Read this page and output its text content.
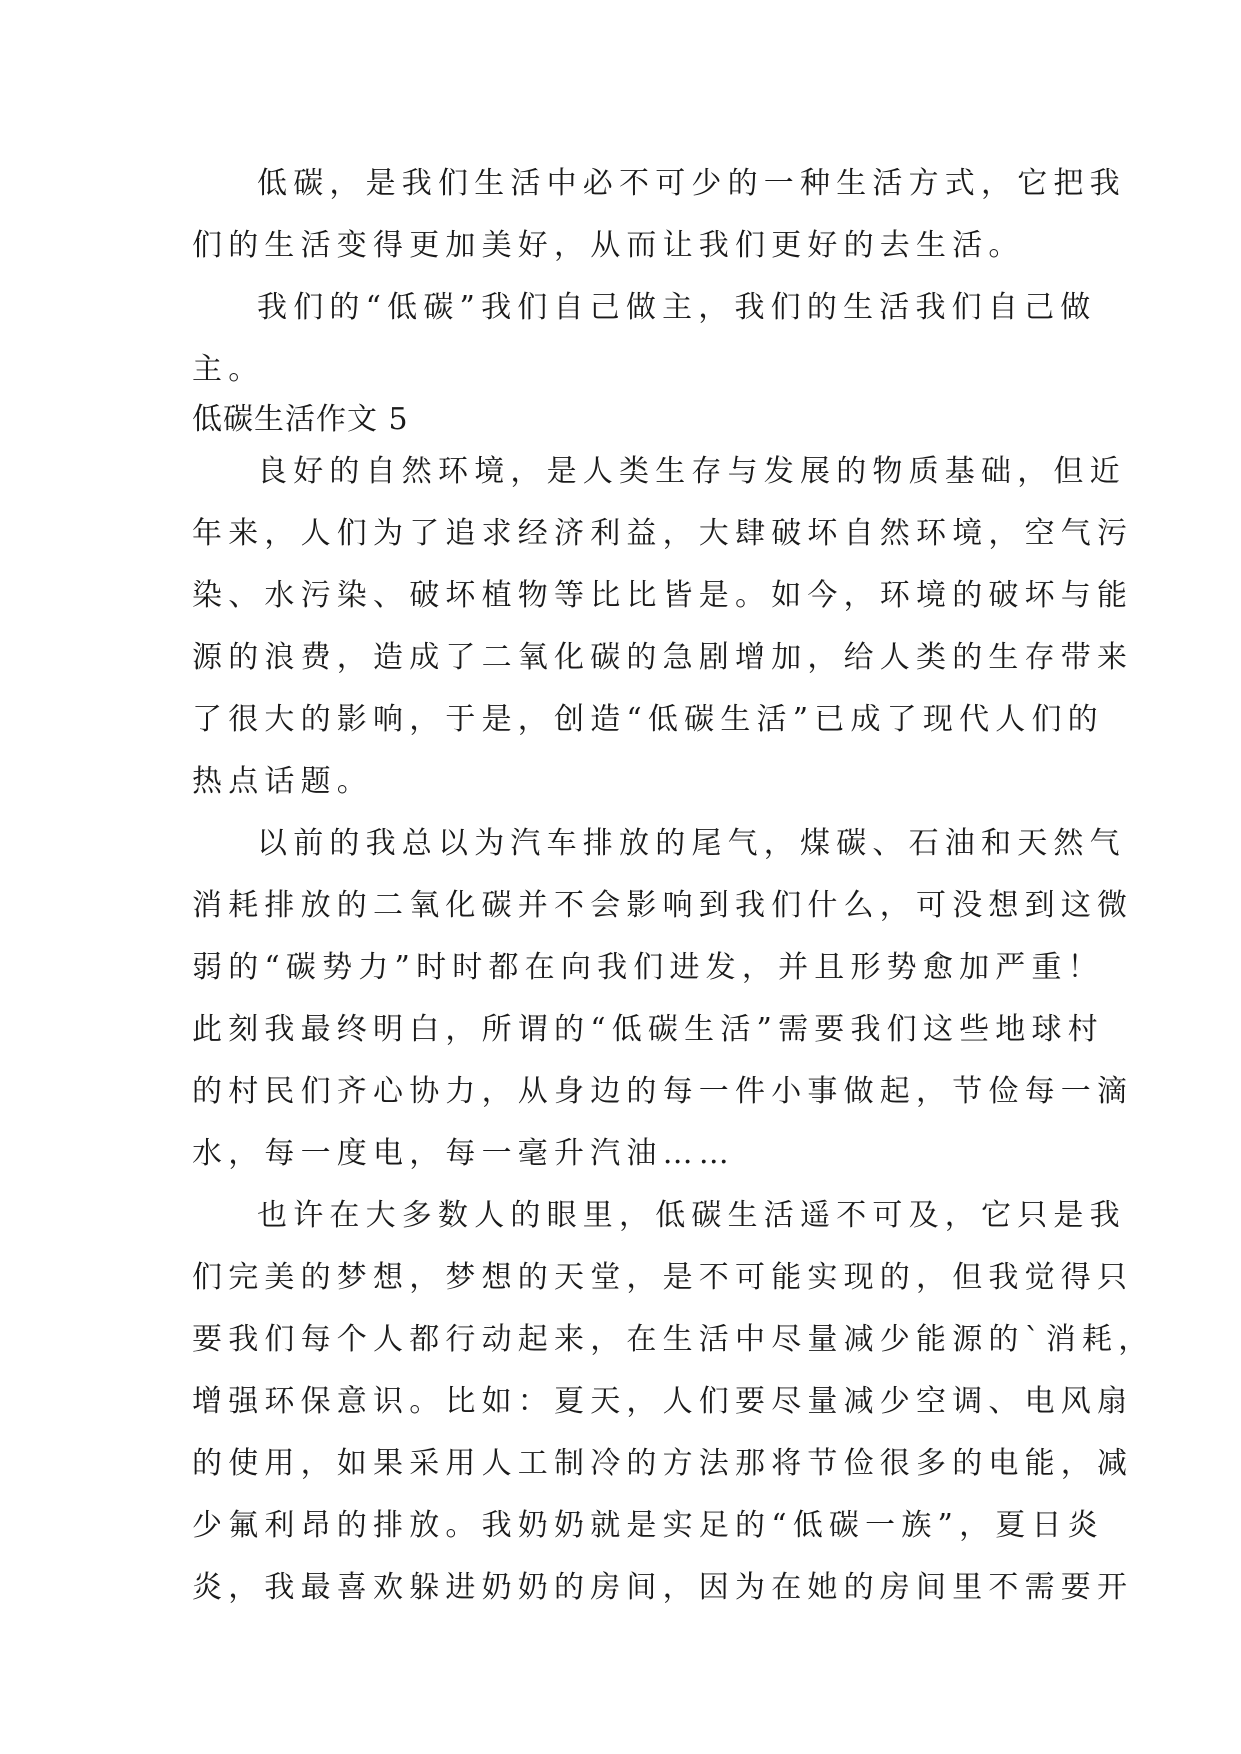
低碳，是我们生活中必不可少的一种生活方式，它把我
们的生活变得更加美好，从而让我们更好的去生活。
我们的“低碳”我们自己做主，我们的生活我们自己做
主。
低碳生活作文 5
良好的自然环境，是人类生存与发展的物质基础，但近
年来，人们为了追求经济利益，大肆破坏自然环境，空气污
染、水污染、破坏植物等比比皆是。如今，环境的破坏与能
源的浪费，造成了二氧化碳的急剧增加，给人类的生存带来
了很大的影响，于是，创造“低碳生活”已成了现代人们的
热点话题。
以前的我总以为汽车排放的尾气，煤碳、石油和天然气
消耗排放的二氧化碳并不会影响到我们什么，可没想到这微
弱的“碳势力”时时都在向我们进发，并且形势愈加严重！
此刻我最终明白，所谓的“低碳生活”需要我们这些地球村
的村民们齐心协力，从身边的每一件小事做起，节俭每一滴
水，每一度电，每一毫升汽油……
也许在大多数人的眼里，低碳生活遥不可及，它只是我
们完美的梦想，梦想的天堂，是不可能实现的，但我觉得只
要我们每个人都行动起来，在生活中尽量减少能源的`消耗，
增强环保意识。比如：夏天，人们要尽量减少空调、电风扇
的使用，如果采用人工制冷的方法那将节俭很多的电能，减
少氟利昂的排放。我奶奶就是实足的“低碳一族”，夏日炎
炎，我最喜欢躲进奶奶的房间，因为在她的房间里不需要开
